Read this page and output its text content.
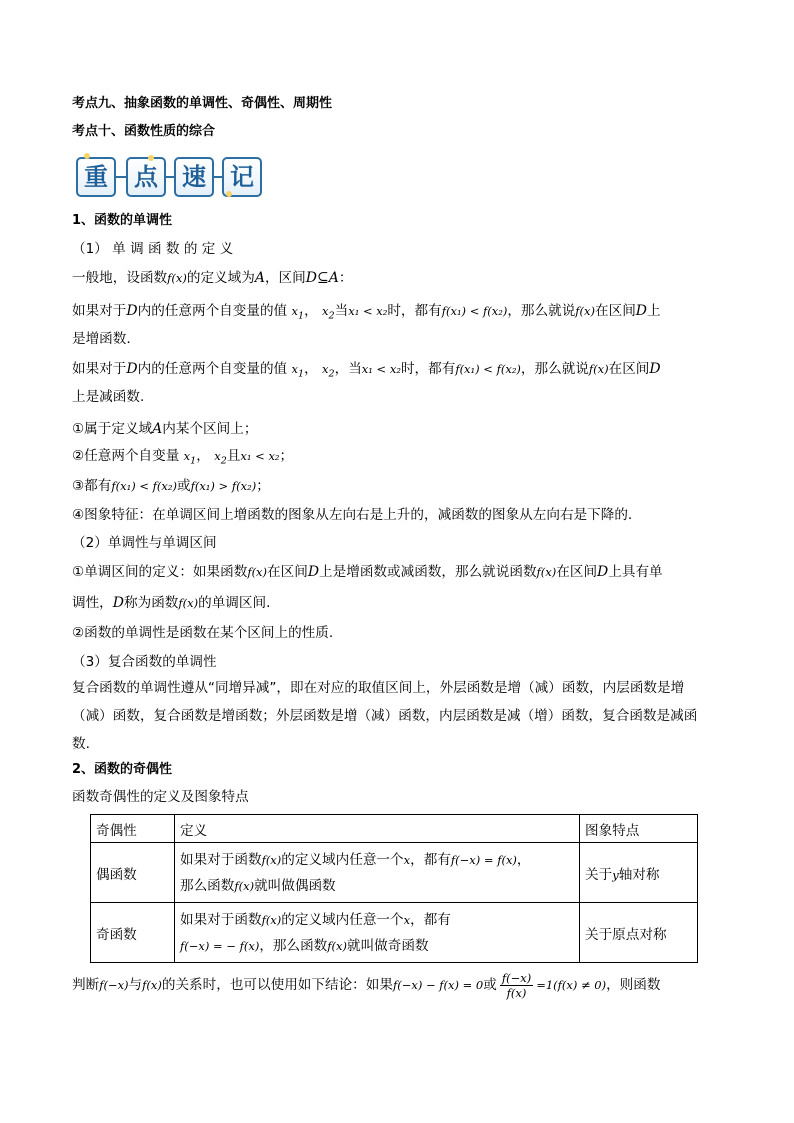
考点九、抽象函数的单调性、奇偶性、周期性
考点十、函数性质的综合
重	点	速	记
1、函数的单调性
（1） 单 调 函 数 的 定 义
一般地，设函数f(x)的定义域为A，区间D⊆A：
如果对于D内的任意两个自变量的值 $x_1$， $x_2$当x₁ < x₂时，都有f(x₁) < f(x₂)，那么就说f(x)在区间D上
是增函数.
如果对于D内的任意两个自变量的值 $x_1$， $x_2$，当x₁ < x₂时，都有f(x₁) < f(x₂)，那么就说f(x)在区间D
上是减函数.
①属于定义域A内某个区间上；
②任意两个自变量 $x_1$， $x_2$且x₁ < x₂；
③都有f(x₁) < f(x₂)或f(x₁) > f(x₂)；
④图象特征：在单调区间上增函数的图象从左向右是上升的，减函数的图象从左向右是下降的.
（2）单调性与单调区间
①单调区间的定义：如果函数f(x)在区间D上是增函数或减函数，那么就说函数f(x)在区间D上具有单
调性，D称为函数f(x)的单调区间.
②函数的单调性是函数在某个区间上的性质.
（3）复合函数的单调性
复合函数的单调性遵从“同增异减”，即在对应的取值区间上，外层函数是增（减）函数，内层函数是增
（减）函数，复合函数是增函数；外层函数是增（减）函数，内层函数是减（增）函数，复合函数是减函
数.
2、函数的奇偶性
函数奇偶性的定义及图象特点
奇偶性	定义	图象特点
偶函数	如果对于函数f(x)的定义域内任意一个x，都有f(−x) = f(x)，
那么函数f(x)就叫做偶函数	关于y轴对称
奇函数	如果对于函数f(x)的定义域内任意一个x，都有
f(−x) = − f(x)，那么函数f(x)就叫做奇函数	关于原点对称
判断f(−x)与f(x)的关系时，也可以使用如下结论：如果f(−x) − f(x) = 0或 $\frac{f(-x)}{f(x)} =1(f(x) \ne 0)$，则函数
